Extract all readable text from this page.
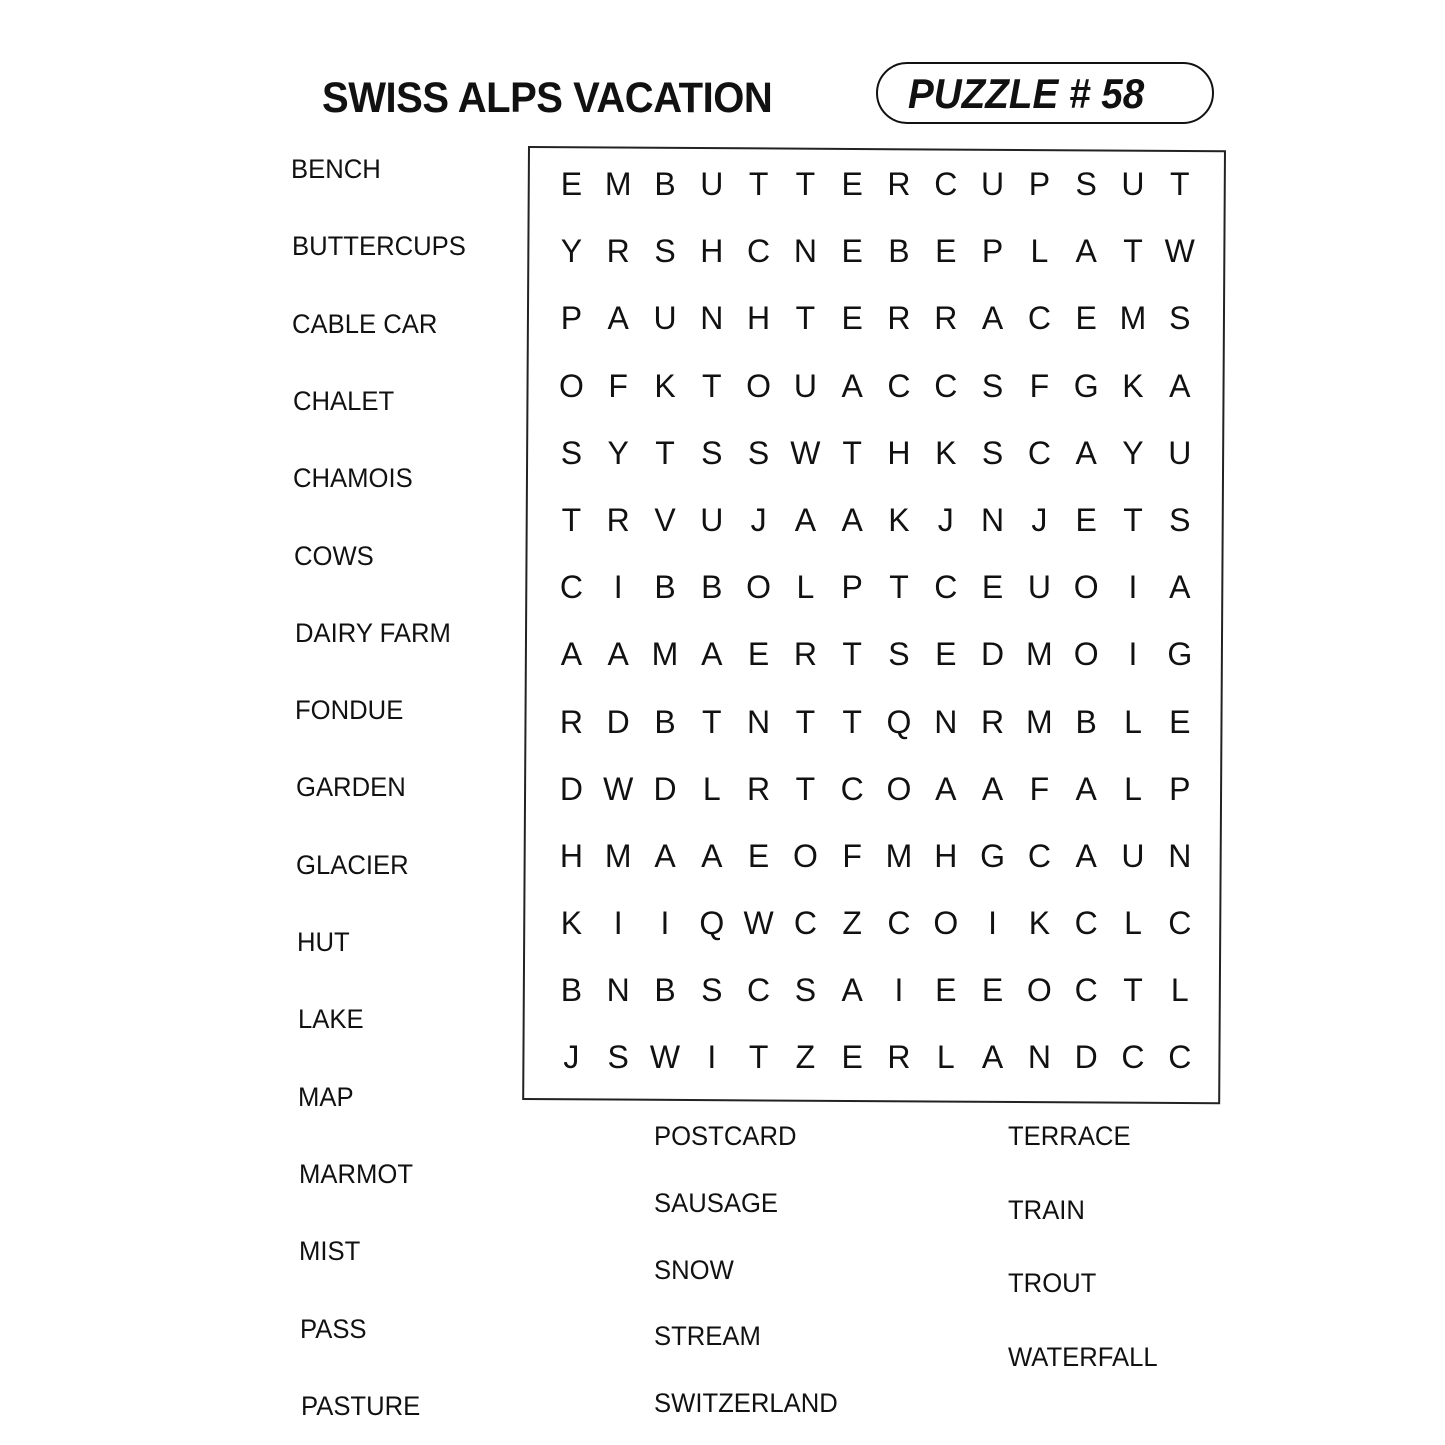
SWISS ALPS VACATION	PUZZLE # 58
BENCH
BUTTERCUPS
CABLE CAR
CHALET
CHAMOIS
COWS
DAIRY FARM
FONDUE
GARDEN
GLACIER
HUT
LAKE
MAP
MARMOT
MIST
PASS
PASTURE
POSTCARD
SAUSAGE
SNOW
STREAM
SWITZERLAND
TERRACE
TRAIN
TROUT
WATERFALL
E M B U T T E R C U P S U T
Y R S H C N E B E P L A T W
P A U N H T E R R A C E M S
O F K T O U A C C S F G K A
S Y T S S W T H K S C A Y U
T R V U J A A K J N J E T S
C I B B O L P T C E U O I A
A A M A E R T S E D M O I G
R D B T N T T Q N R M B L E
D W D L R T C O A A F A L P
H M A A E O F M H G C A U N
K I	I Q W C Z C O I K C L C
B N B S C S A I E E O C T L
J S W I	T Z E R L A N D C C
